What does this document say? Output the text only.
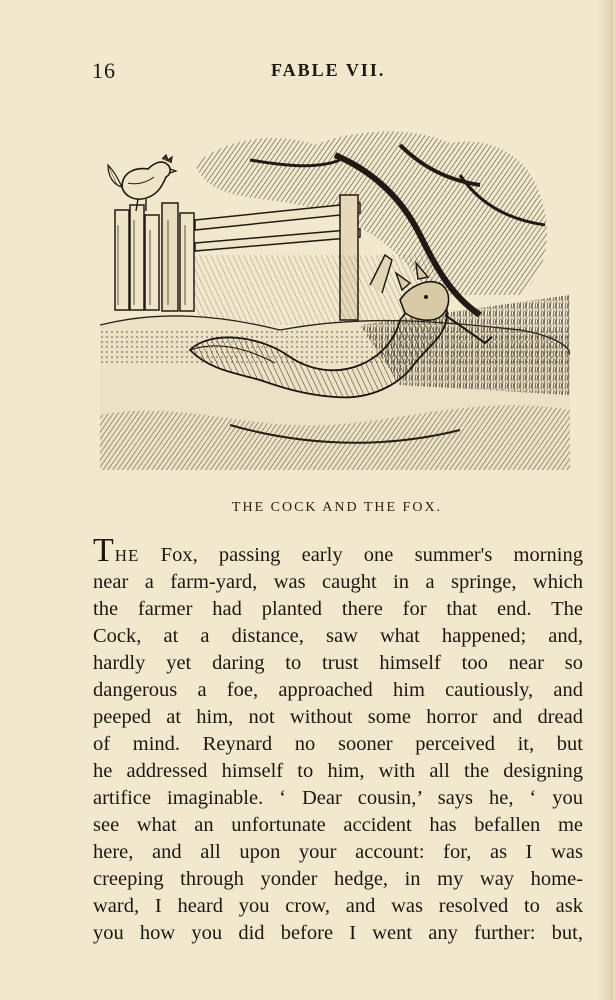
16	FABLE VII.
THE COCK AND THE FOX.
THE Fox, passing early one summer's morning
near a farm-yard, was caught in a springe, which
the farmer had planted there for that end. The
Cock, at a distance, saw what happened; and,
hardly yet daring to trust himself too near so
dangerous a foe, approached him cautiously, and
peeped at him, not without some horror and dread
of mind. Reynard no sooner perceived it, but
he addressed himself to him, with all the designing
artifice imaginable. ‘ Dear cousin,’ says he, ‘ you
see what an unfortunate accident has befallen me
here, and all upon your account: for, as I was
creeping through yonder hedge, in my way home-
ward, I heard you crow, and was resolved to ask
you how you did before I went any further: but,
